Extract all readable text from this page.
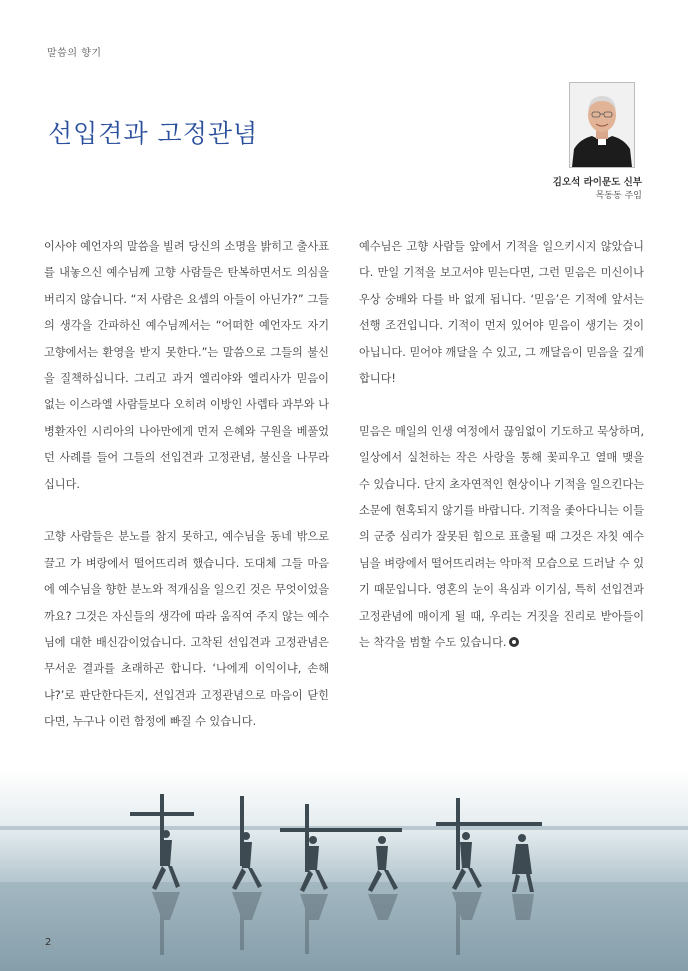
말씀의 향기
선입견과 고정관념
김오석 라이문도 신부
목동동 주임

이사야 예언자의 말씀을 빌려 당신의 소명을 밝히고 출사표를 내놓으신 예수님께 고향 사람들은 탄복하면서도 의심을 버리지 않습니다. “저 사람은 요셉의 아들이 아닌가?” 그들의 생각을 간파하신 예수님께서는 “어떠한 예언자도 자기 고향에서는 환영을 받지 못한다.”는 말씀으로 그들의 불신을 질책하십니다. 그리고 과거 엘리야와 엘리사가 믿음이 없는 이스라엘 사람들보다 오히려 이방인 사렙타 과부와 나병환자인 시리아의 나아만에게 먼저 은혜와 구원을 베풀었던 사례를 들어 그들의 선입견과 고정관념, 불신을 나무라십니다.

고향 사람들은 분노를 참지 못하고, 예수님을 동네 밖으로 끌고 가 벼랑에서 떨어뜨리려 했습니다. 도대체 그들 마음에 예수님을 향한 분노와 적개심을 일으킨 것은 무엇이었을까요? 그것은 자신들의 생각에 따라 움직여 주지 않는 예수님에 대한 배신감이었습니다. 고착된 선입견과 고정관념은 무서운 결과를 초래하곤 합니다. ‘나에게 이익이냐, 손해냐?’로 판단한다든지, 선입견과 고정관념으로 마음이 닫힌다면, 누구나 이런 함정에 빠질 수 있습니다.

예수님은 고향 사람들 앞에서 기적을 일으키시지 않았습니다. 만일 기적을 보고서야 믿는다면, 그런 믿음은 미신이나 우상 숭배와 다를 바 없게 됩니다. ‘믿음’은 기적에 앞서는 선행 조건입니다. 기적이 먼저 있어야 믿음이 생기는 것이 아닙니다. 믿어야 깨달을 수 있고, 그 깨달음이 믿음을 깊게 합니다!

믿음은 매일의 인생 여정에서 끊임없이 기도하고 묵상하며, 일상에서 실천하는 작은 사랑을 통해 꽃피우고 열매 맺을 수 있습니다. 단지 초자연적인 현상이나 기적을 일으킨다는 소문에 현혹되지 않기를 바랍니다. 기적을 좇아다니는 이들의 군중 심리가 잘못된 힘으로 표출될 때 그것은 자칫 예수님을 벼랑에서 떨어뜨리려는 악마적 모습으로 드러날 수 있기 때문입니다. 영혼의 눈이 욕심과 이기심, 특히 선입견과 고정관념에 매이게 될 때, 우리는 거짓을 진리로 받아들이는 착각을 범할 수도 있습니다.

2
